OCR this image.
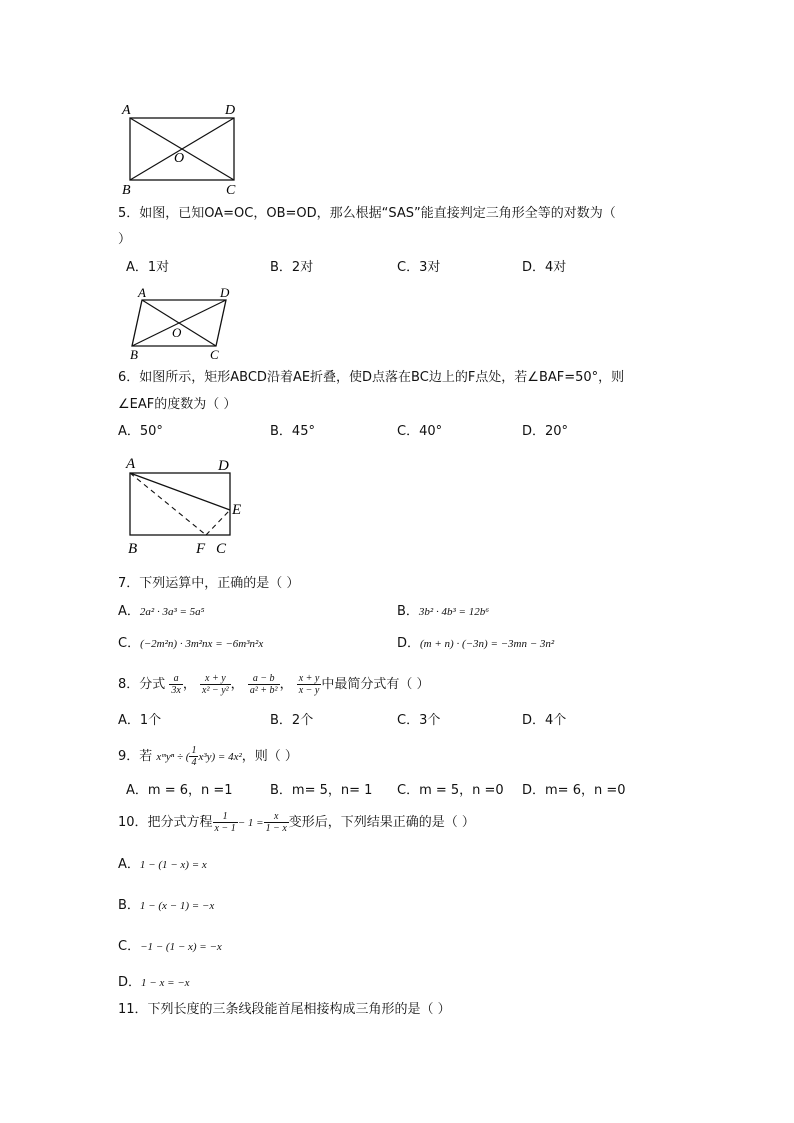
A	D
O
B	C
5．如图，已知OA=OC，OB=OD，那么根据“SAS”能直接判定三角形全等的对数为（
）
A．1对	B．2对	C．3对	D．4对
A	D
O
B	C
6．如图所示，矩形ABCD沿着AE折叠，使D点落在BC边上的F点处，若∠BAF=50°，则
∠EAF的度数为（ ）
A．50°	B．45°	C．40°	D．20°
A	D
E
B	F C
7．下列运算中，正确的是（ ）
A．2a² · 3a³ = 5a⁵	B．3b² · 4b³ = 12b⁶
C．(−2m²n) · 3m²nx = −6m³n²x	D．(m + n) · (−3n) = −3mn − 3n²
8．分式 $\frac{a}{3x}$ ， $\frac{x + y}{\text{x² − y²}}$ ， $\frac{a - b}{\text{a² + b²}}$ ， $\frac{x + y}{x - y}$ 中最简分式有（ ）
A．1个	B．2个	C．3个	D．4个
9．若 xᵐyⁿ ÷ ( $\frac{1}{4} x^3y) = 4x^2$，则（ ）
A．m = 6，n =1	B．m= 5，n= 1 C．m = 5，n =0 D．m= 6，n =0
10．把分式方程 $\frac{1}{x - 1} - 1 = \frac{x}{1 - x}$ 变形后，下列结果正确的是（ ）
A．1 − (1 − x) = x
B．1 − (x − 1) = −x
C．−1 − (1 − x) = −x
D．1 − x = −x
11．下列长度的三条线段能首尾相接构成三角形的是（ ）
